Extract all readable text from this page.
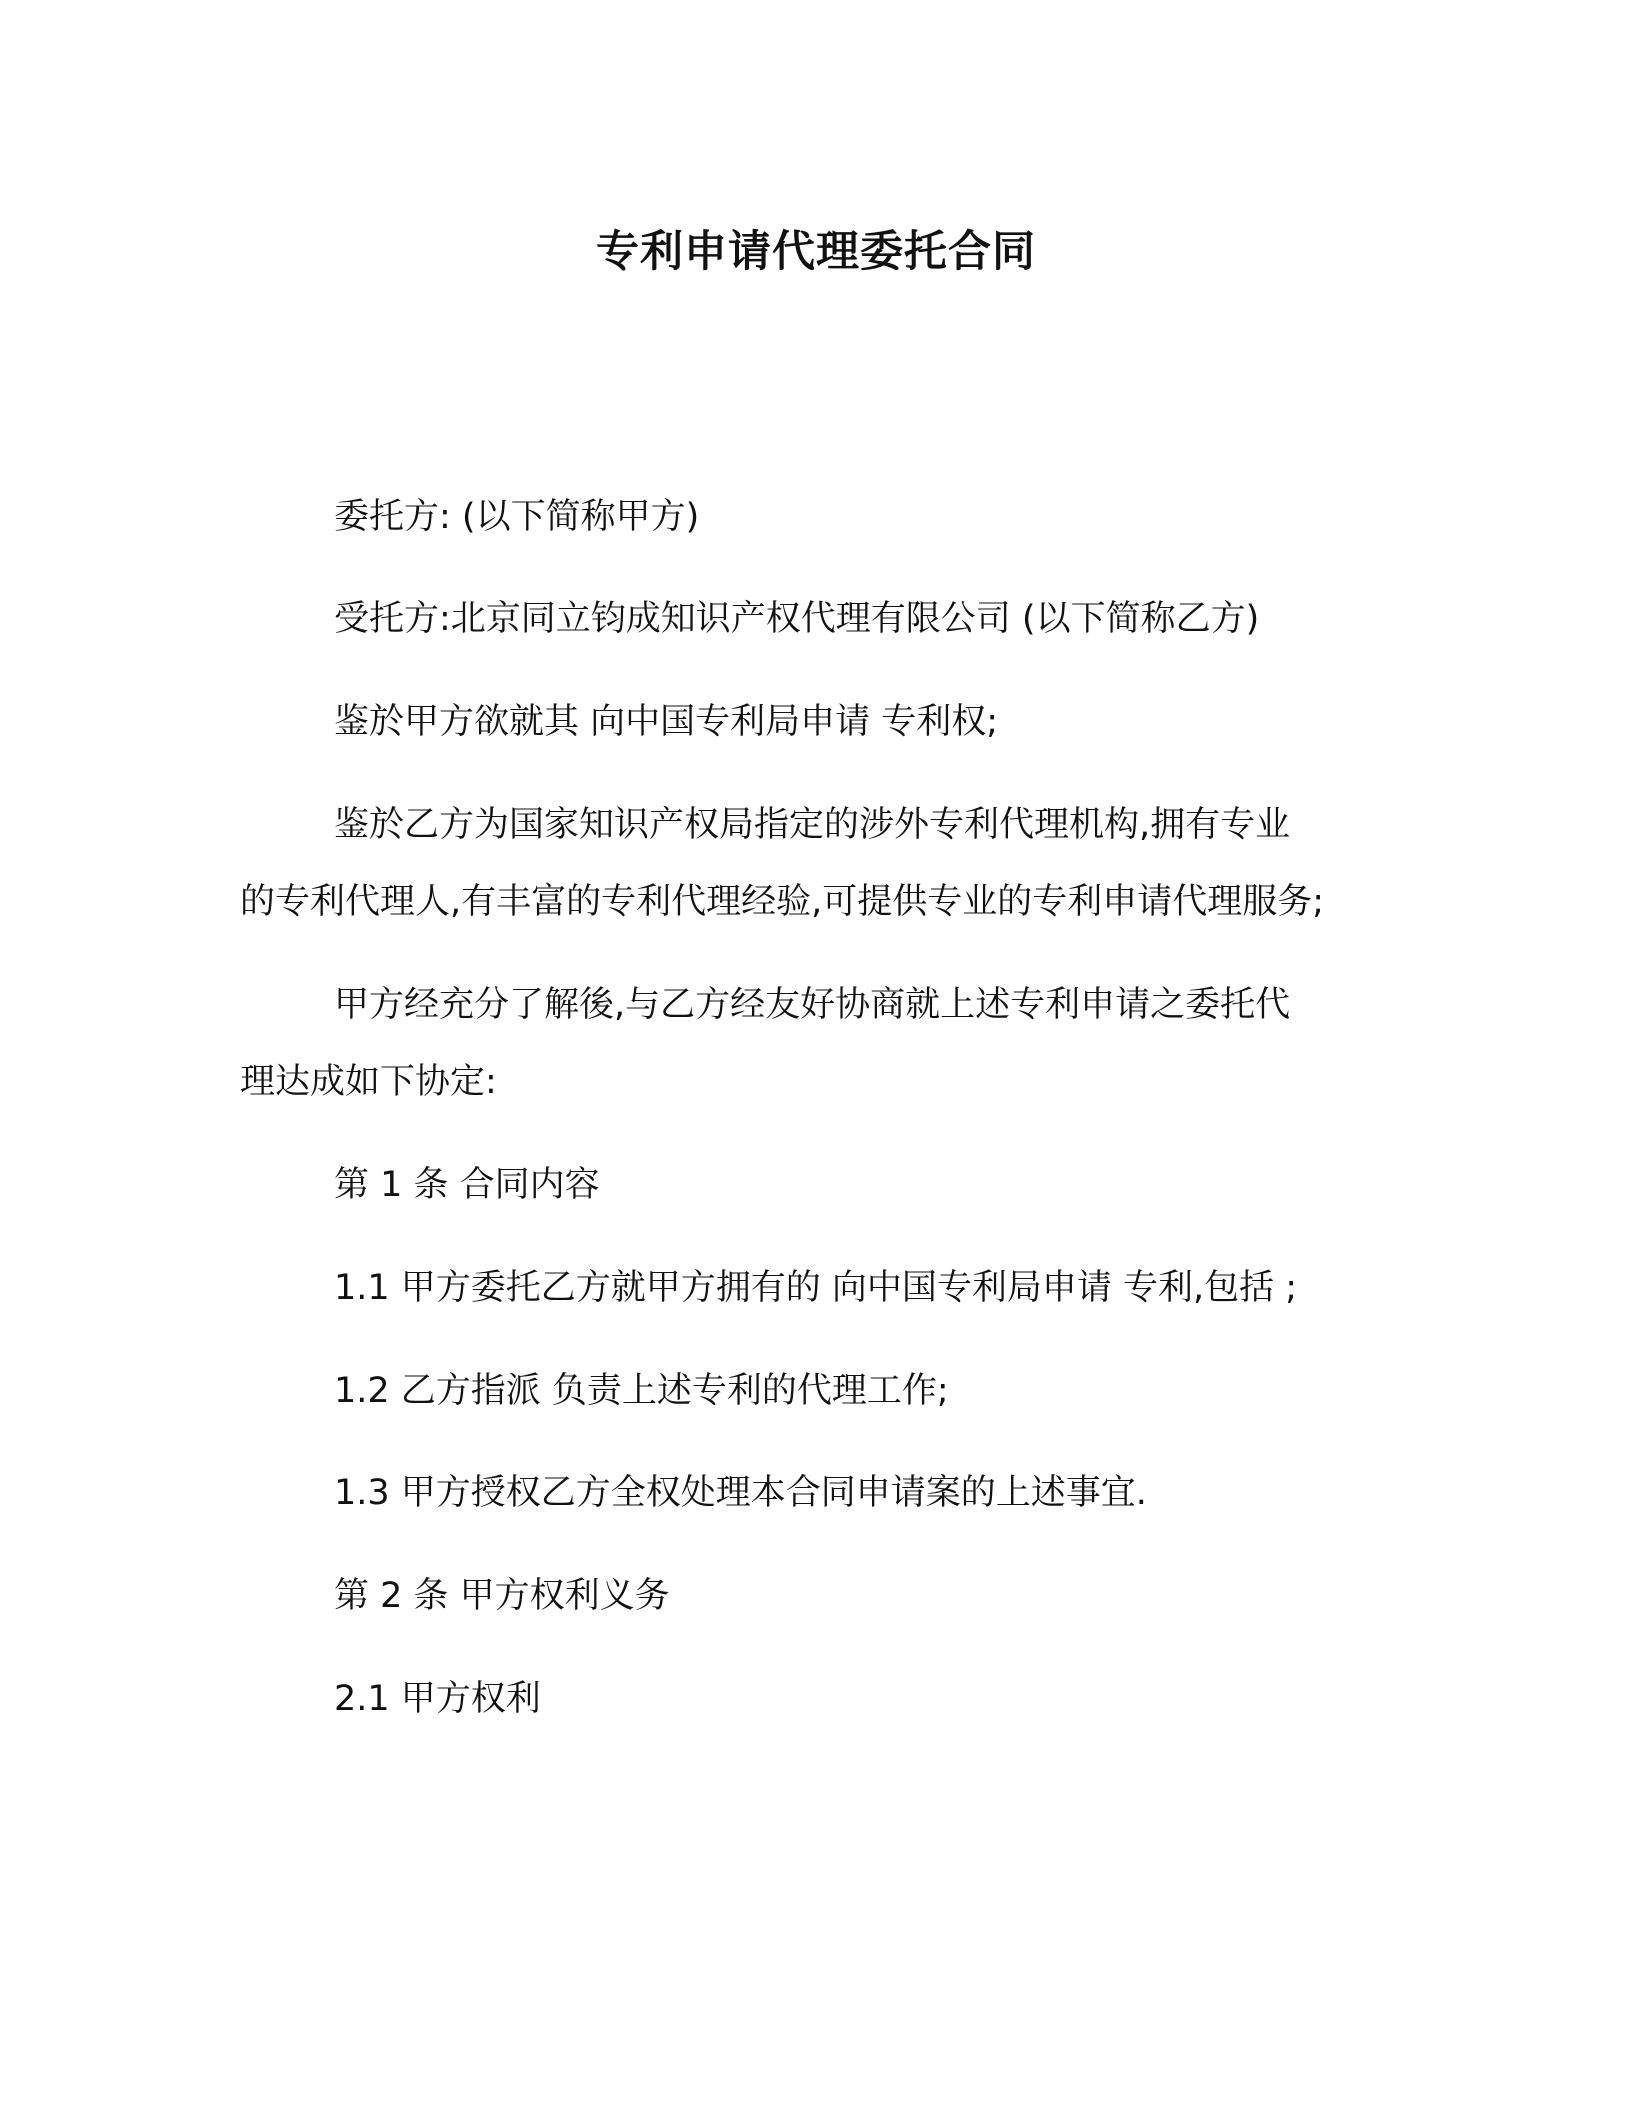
专利申请代理委托合同
委托方: (以下简称甲方)
受托方:北京同立钧成知识产权代理有限公司 (以下简称乙方)
鉴於甲方欲就其 向中国专利局申请 专利权;
鉴於乙方为国家知识产权局指定的涉外专利代理机构,拥有专业
的专利代理人,有丰富的专利代理经验,可提供专业的专利申请代理服务;
甲方经充分了解後,与乙方经友好协商就上述专利申请之委托代
理达成如下协定:
第 1 条 合同内容
1.1 甲方委托乙方就甲方拥有的 向中国专利局申请 专利,包括 ;
1.2 乙方指派 负责上述专利的代理工作;
1.3 甲方授权乙方全权处理本合同申请案的上述事宜.
第 2 条 甲方权利义务
2.1 甲方权利
